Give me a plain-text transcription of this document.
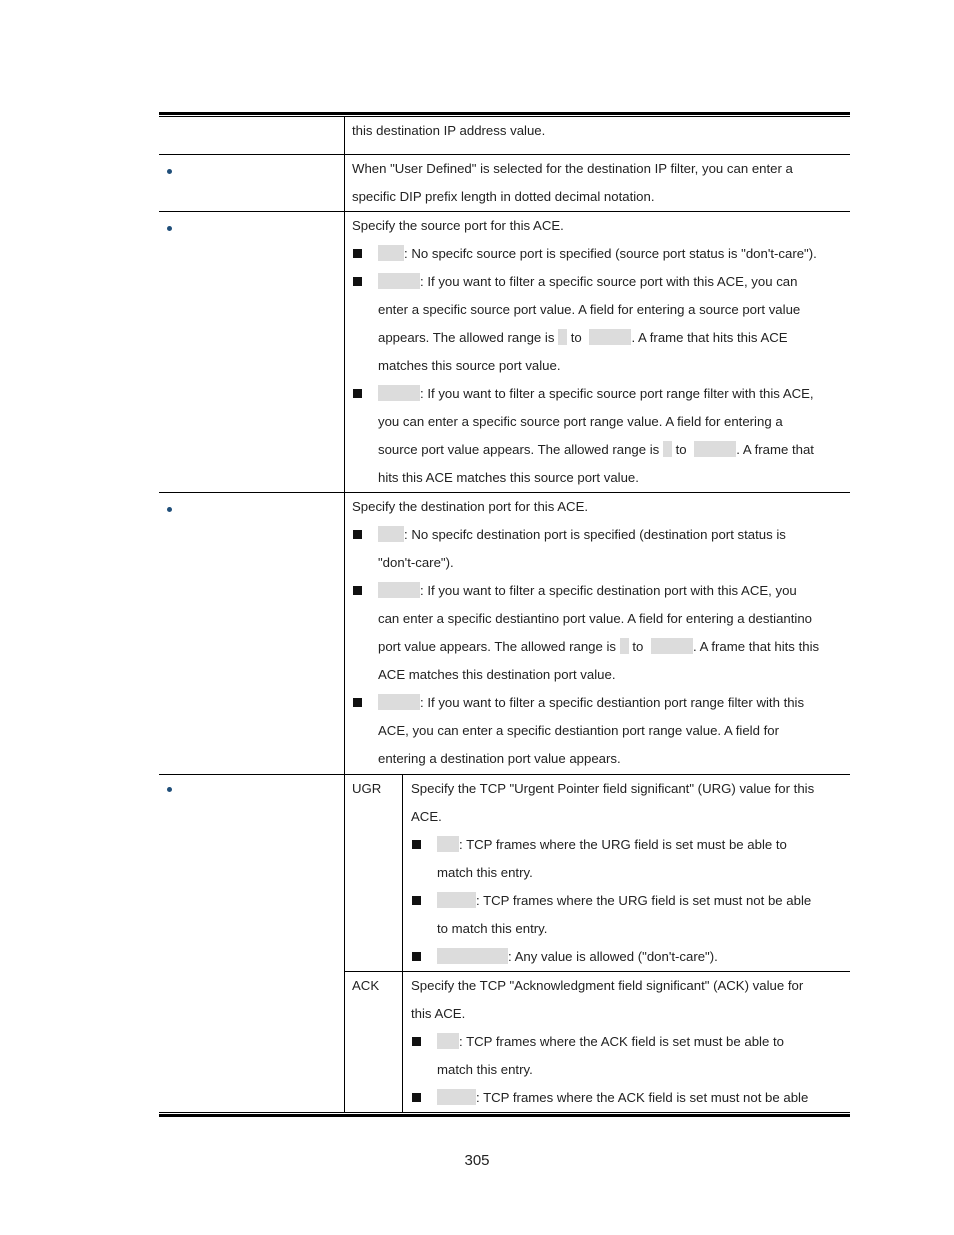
this destination IP address value.
When "User Defined" is selected for the destination IP filter, you can enter a
specific DIP prefix length in dotted decimal notation.
Specify the source port for this ACE.
: No specifc source port is specified (source port status is "don't-care").
: If you want to filter a specific source port with this ACE, you can
enter a specific source port value. A field for entering a source port value
appears. The allowed range is  to	. A frame that hits this ACE
matches this source port value.
: If you want to filter a specific source port range filter with this ACE,
you can enter a specific source port range value. A field for entering a
source port value appears. The allowed range is  to	. A frame that
hits this ACE matches this source port value.
Specify the destination port for this ACE.
: No specifc destination port is specified (destination port status is
"don't-care").
: If you want to filter a specific destination port with this ACE, you
can enter a specific destiantino port value. A field for entering a destiantino
port value appears. The allowed range is  to	. A frame that hits this
ACE matches this destination port value.
: If you want to filter a specific destiantion port range filter with this
ACE, you can enter a specific destiantion port range value. A field for
entering a destination port value appears.
UGR Specify the TCP "Urgent Pointer field significant" (URG) value for this
ACE.
: TCP frames where the URG field is set must be able to
match this entry.
: TCP frames where the URG field is set must not be able
to match this entry.
: Any value is allowed ("don't-care").
ACK Specify the TCP "Acknowledgment field significant" (ACK) value for
this ACE.
: TCP frames where the ACK field is set must be able to
match this entry.
: TCP frames where the ACK field is set must not be able
305
